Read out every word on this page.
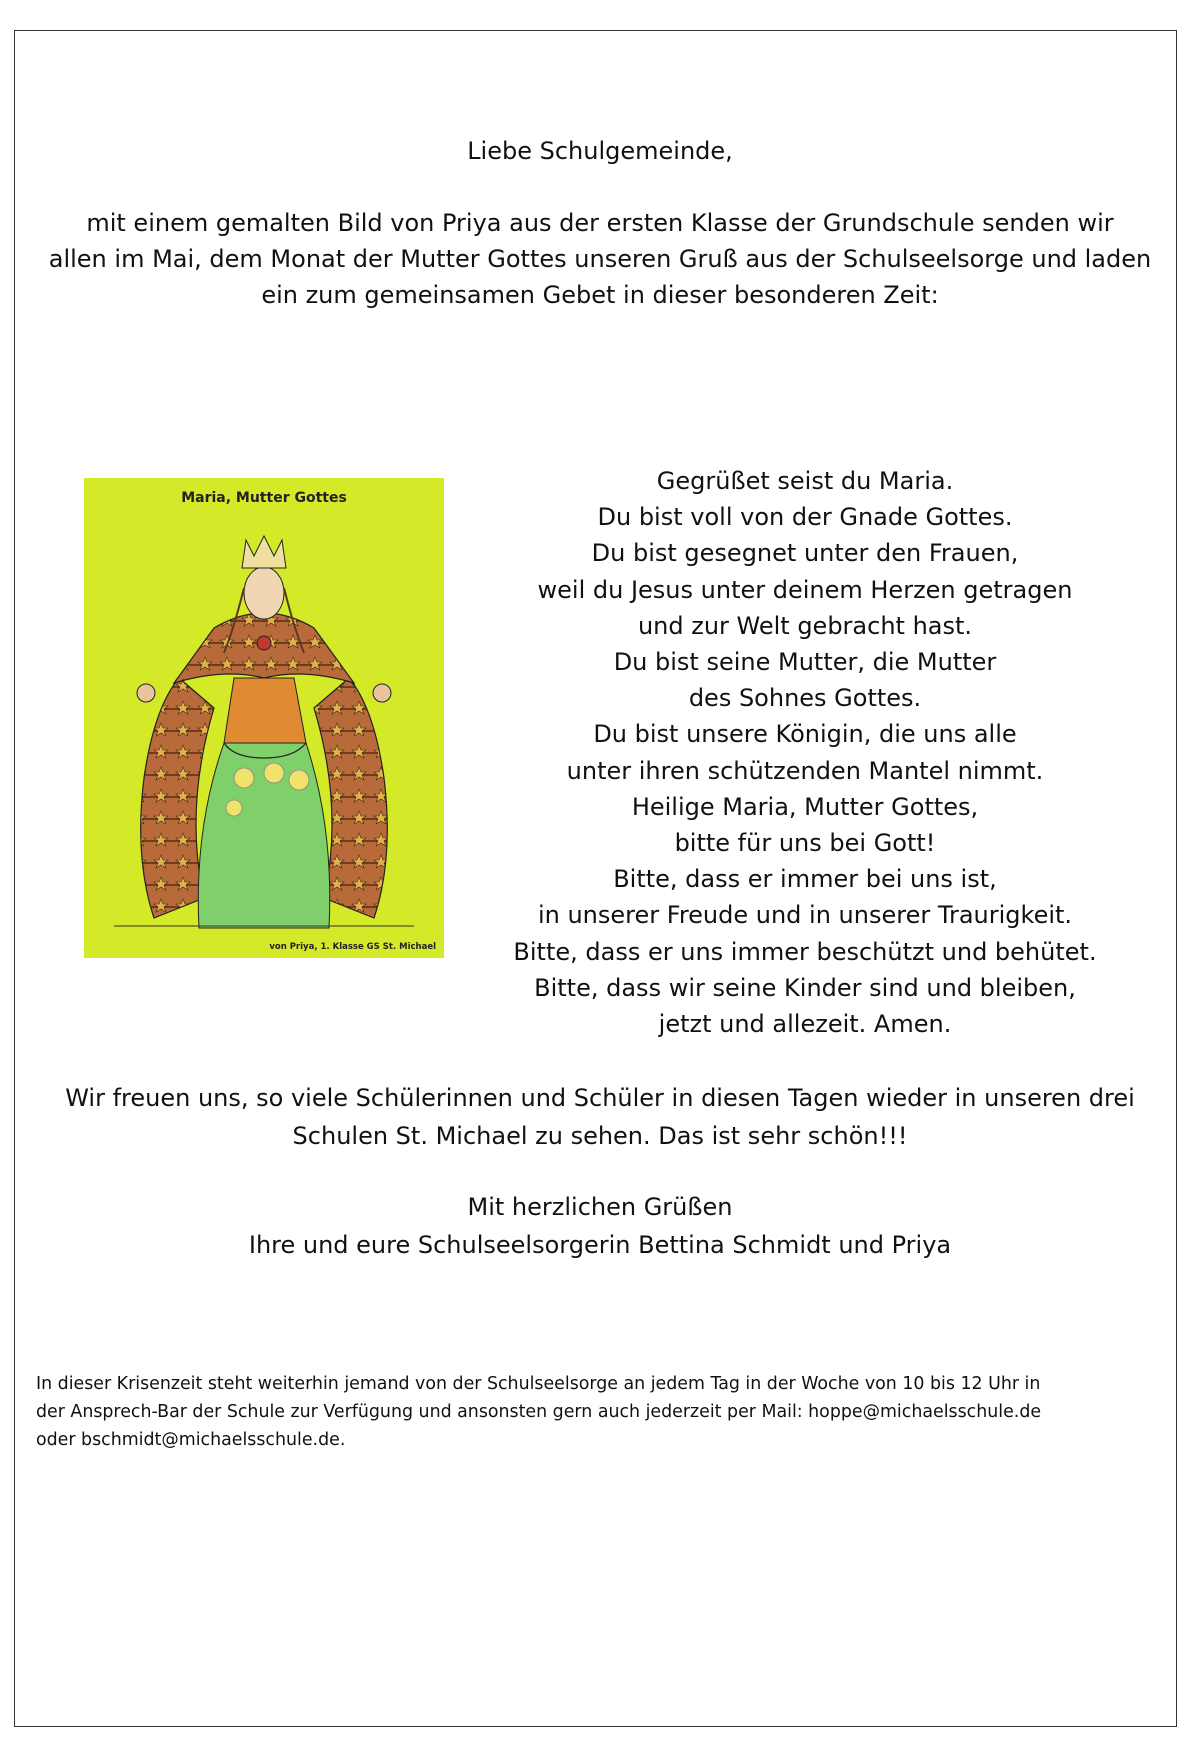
Liebe Schulgemeinde,
mit einem gemalten Bild von Priya aus der ersten Klasse der Grundschule senden wir
allen im Mai, dem Monat der Mutter Gottes unseren Gruß aus der Schulseelsorge und laden
ein zum gemeinsamen Gebet in dieser besonderen Zeit:
Maria, Mutter Gottes
von Priya, 1. Klasse GS St. Michael
Gegrüßet seist du Maria.
Du bist voll von der Gnade Gottes.
Du bist gesegnet unter den Frauen,
weil du Jesus unter deinem Herzen getragen
und zur Welt gebracht hast.
Du bist seine Mutter, die Mutter
des Sohnes Gottes.
Du bist unsere Königin, die uns alle
unter ihren schützenden Mantel nimmt.
Heilige Maria, Mutter Gottes,
bitte für uns bei Gott!
Bitte, dass er immer bei uns ist,
in unserer Freude und in unserer Traurigkeit.
Bitte, dass er uns immer beschützt und behütet.
Bitte, dass wir seine Kinder sind und bleiben,
jetzt und allezeit. Amen.
Wir freuen uns, so viele Schülerinnen und Schüler in diesen Tagen wieder in unseren drei
Schulen St. Michael zu sehen. Das ist sehr schön!!!
Mit herzlichen Grüßen
Ihre und eure Schulseelsorgerin Bettina Schmidt und Priya
In dieser Krisenzeit steht weiterhin jemand von der Schulseelsorge an jedem Tag in der Woche von 10 bis 12 Uhr in
der Ansprech-Bar der Schule zur Verfügung und ansonsten gern auch jederzeit per Mail: hoppe@michaelsschule.de
oder bschmidt@michaelsschule.de.
